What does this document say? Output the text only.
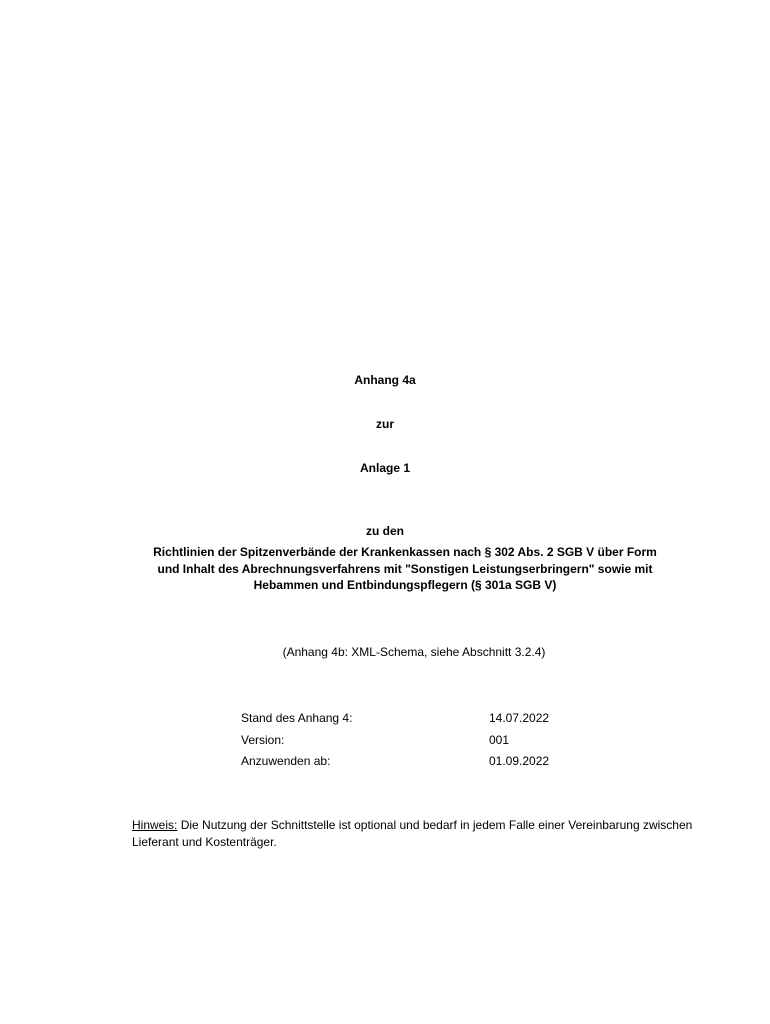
Anhang 4a
zur
Anlage 1
zu den
Richtlinien der Spitzenverbände der Krankenkassen nach § 302 Abs. 2 SGB V über Form
und Inhalt des Abrechnungsverfahrens mit "Sonstigen Leistungserbringern" sowie mit
Hebammen und Entbindungspflegern (§ 301a SGB V)
(Anhang 4b: XML-Schema, siehe Abschnitt 3.2.4)
Stand des Anhang 4:	14.07.2022
Version:	001
Anzuwenden ab:	01.09.2022
Hinweis: Die Nutzung der Schnittstelle ist optional und bedarf in jedem Falle einer Vereinbarung zwischen Lieferant und Kostenträger.
